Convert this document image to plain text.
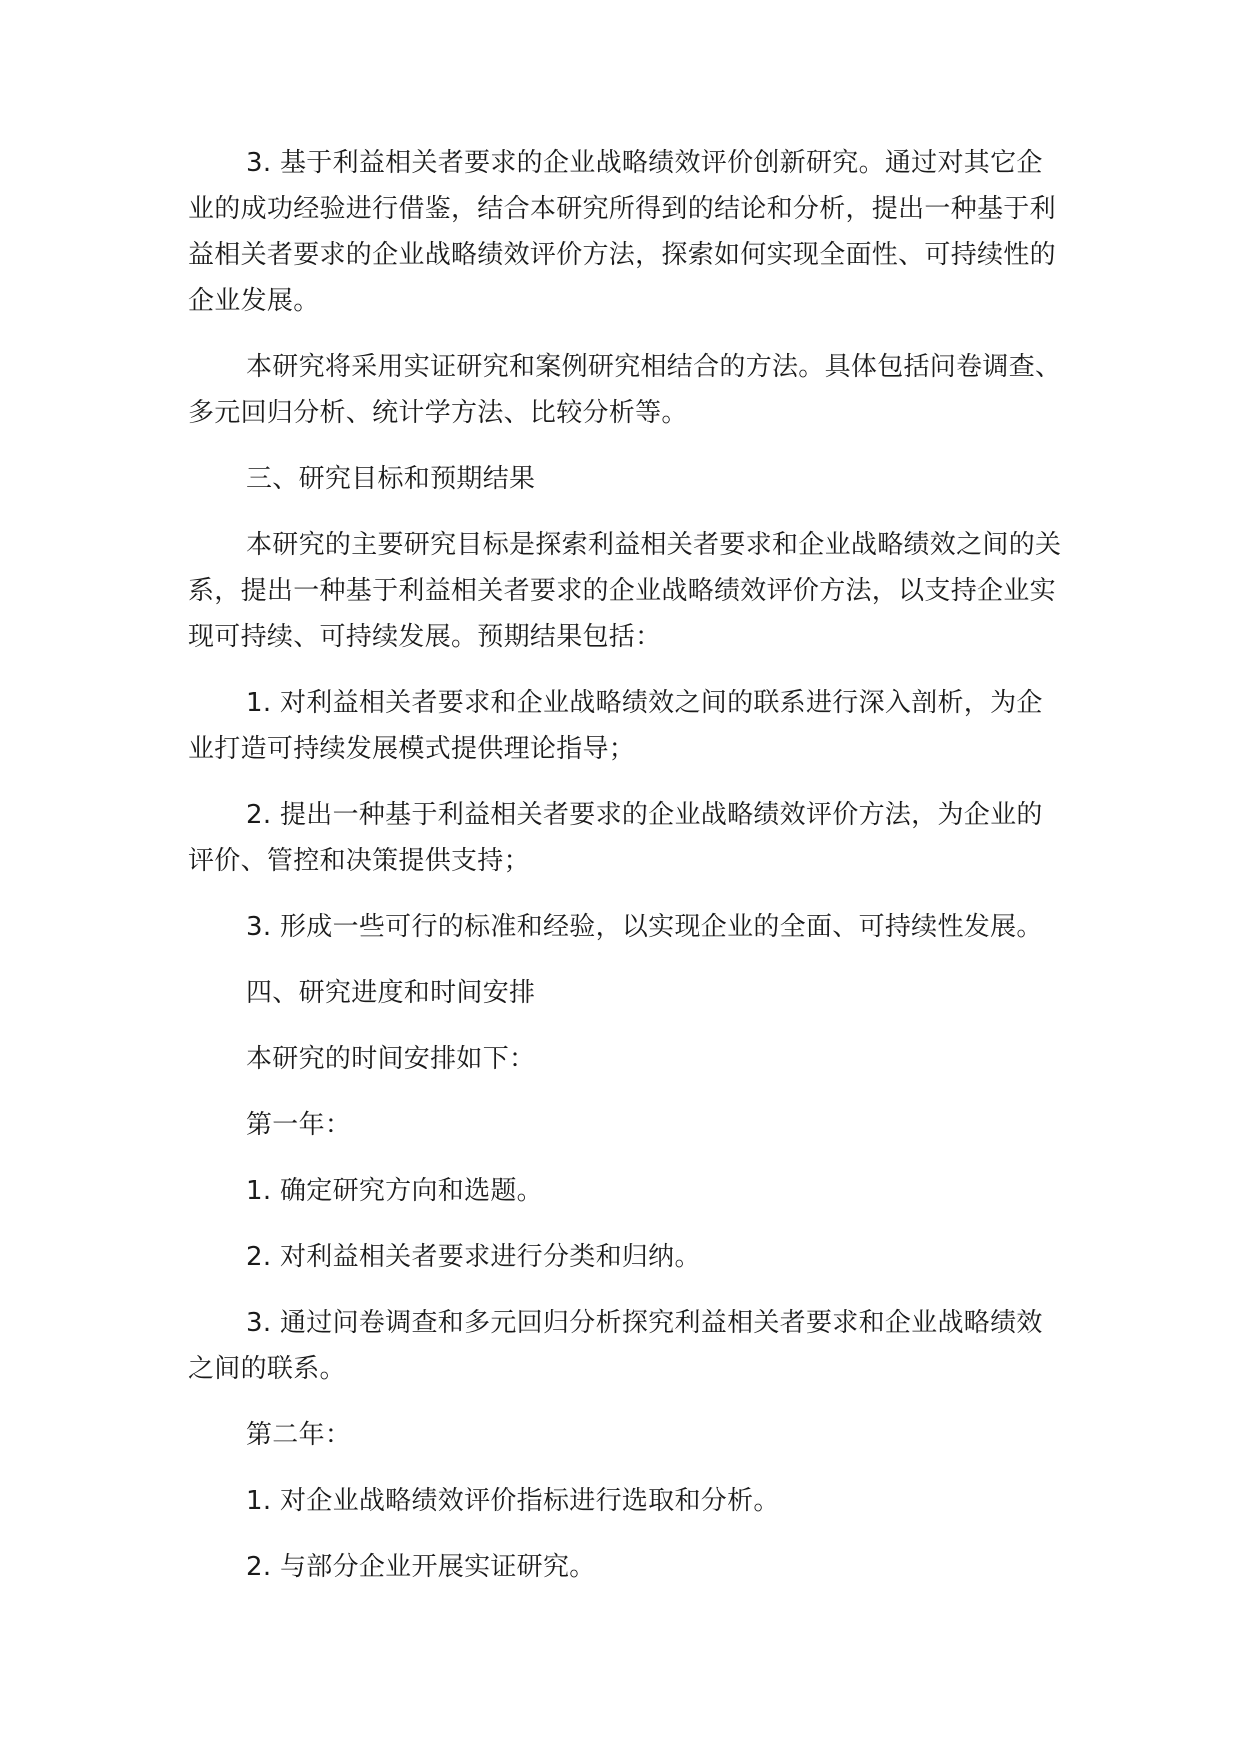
3. 基于利益相关者要求的企业战略绩效评价创新研究。通过对其它企业的成功经验进行借鉴，结合本研究所得到的结论和分析，提出一种基于利益相关者要求的企业战略绩效评价方法，探索如何实现全面性、可持续性的企业发展。

本研究将采用实证研究和案例研究相结合的方法。具体包括问卷调查、多元回归分析、统计学方法、比较分析等。

三、研究目标和预期结果

本研究的主要研究目标是探索利益相关者要求和企业战略绩效之间的关系，提出一种基于利益相关者要求的企业战略绩效评价方法，以支持企业实现可持续、可持续发展。预期结果包括：

1. 对利益相关者要求和企业战略绩效之间的联系进行深入剖析，为企业打造可持续发展模式提供理论指导；

2. 提出一种基于利益相关者要求的企业战略绩效评价方法，为企业的评价、管控和决策提供支持；

3. 形成一些可行的标准和经验，以实现企业的全面、可持续性发展。

四、研究进度和时间安排

本研究的时间安排如下：

第一年：

1. 确定研究方向和选题。

2. 对利益相关者要求进行分类和归纳。

3. 通过问卷调查和多元回归分析探究利益相关者要求和企业战略绩效之间的联系。

第二年：

1. 对企业战略绩效评价指标进行选取和分析。

2. 与部分企业开展实证研究。
